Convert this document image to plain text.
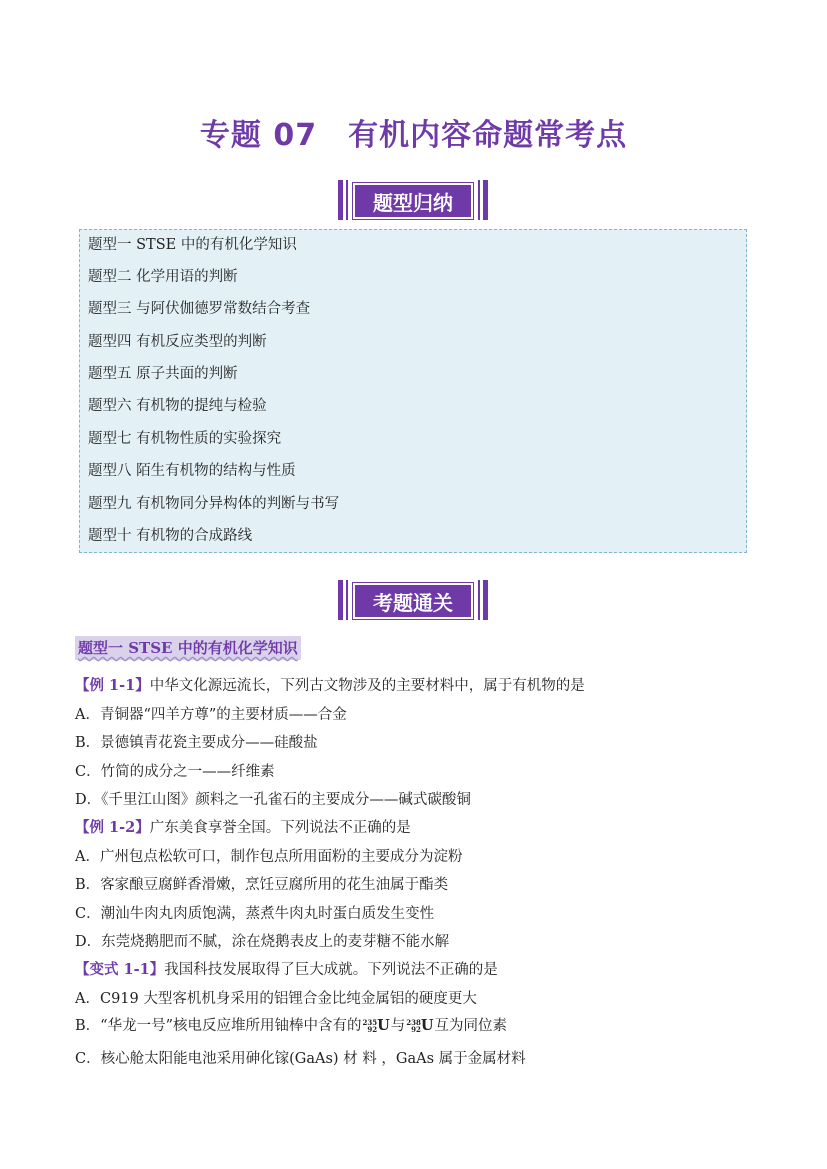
专题 07　有机内容命题常考点
题型归纳
题型一 STSE 中的有机化学知识
题型二 化学用语的判断
题型三 与阿伏伽德罗常数结合考查
题型四 有机反应类型的判断
题型五 原子共面的判断
题型六 有机物的提纯与检验
题型七 有机物性质的实验探究
题型八 陌生有机物的结构与性质
题型九 有机物同分异构体的判断与书写
题型十 有机物的合成路线
考题通关
题型一 STSE 中的有机化学知识
【例 1-1】中华文化源远流长，下列古文物涉及的主要材料中，属于有机物的是
A．青铜器“四羊方尊”的主要材质——合金
B．景德镇青花瓷主要成分——硅酸盐
C．竹简的成分之一——纤维素
D．《千里江山图》颜料之一孔雀石的主要成分——碱式碳酸铜
【例 1-2】广东美食享誉全国。下列说法不正确的是
A．广州包点松软可口，制作包点所用面粉的主要成分为淀粉
B．客家酿豆腐鲜香滑嫩，烹饪豆腐所用的花生油属于酯类
C．潮汕牛肉丸肉质饱满，蒸煮牛肉丸时蛋白质发生变性
D．东莞烧鹅肥而不腻，涂在烧鹅表皮上的麦芽糖不能水解
【变式 1-1】我国科技发展取得了巨大成就。下列说法不正确的是
A．C919 大型客机机身采用的铝锂合金比纯金属铝的硬度更大
B．“华龙一号”核电反应堆所用铀棒中含有的 235
92 U与 238
92 U互为同位素
C．核心舱太阳能电池采用砷化镓(GaAs) 材 料 ，GaAs 属于金属材料
